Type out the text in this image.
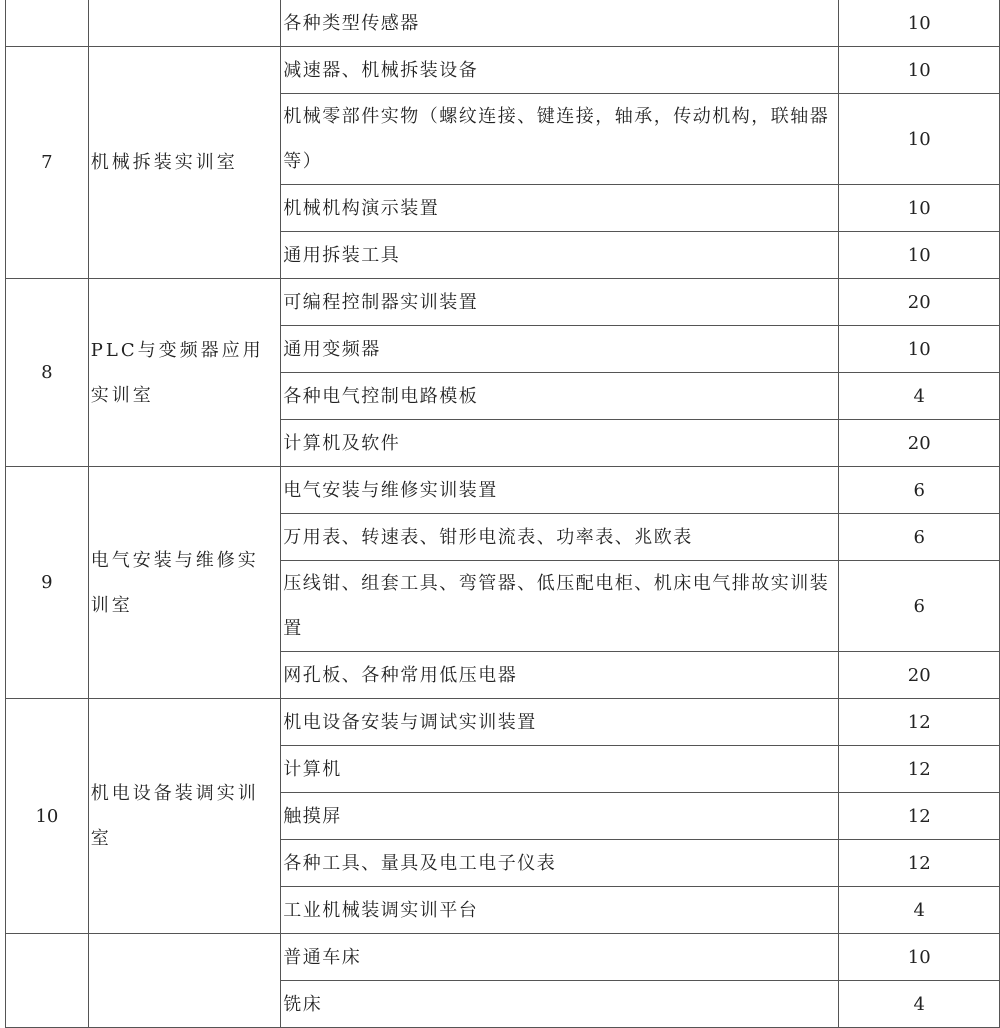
		各种类型传感器	10
7	机械拆装实训室	减速器、机械拆装设备	10
		机械零部件实物（螺纹连接、键连接，轴承，传动机构，联轴器等）	10
		机械机构演示装置	10
		通用拆装工具	10
8	PLC与变频器应用实训室	可编程控制器实训装置	20
		通用变频器	10
		各种电气控制电路模板	4
		计算机及软件	20
9	电气安装与维修实训室	电气安装与维修实训装置	6
		万用表、转速表、钳形电流表、功率表、兆欧表	6
		压线钳、组套工具、弯管器、低压配电柜、机床电气排故实训装置	6
		网孔板、各种常用低压电器	20
10	机电设备装调实训室	机电设备安装与调试实训装置	12
		计算机	12
		触摸屏	12
		各种工具、量具及电工电子仪表	12
		工业机械装调实训平台	4
		普通车床	10
		铣床	4
